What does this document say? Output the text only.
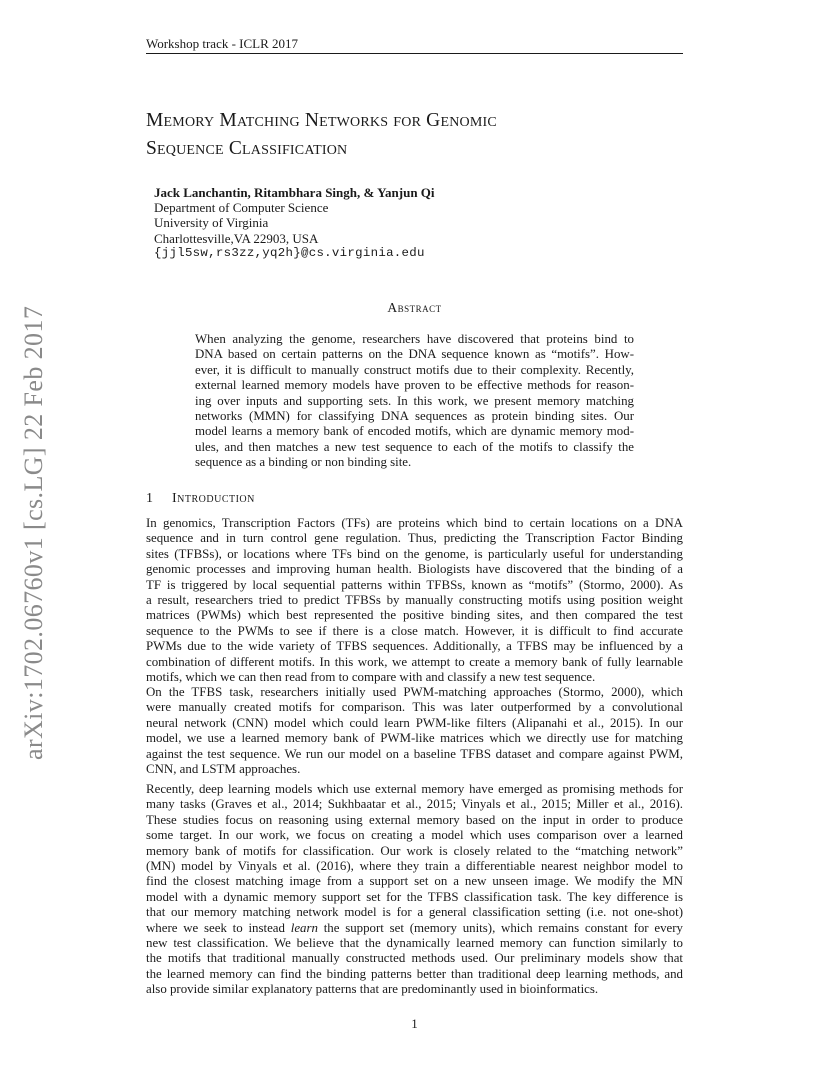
Workshop track - ICLR 2017
arXiv:1702.06760v1 [cs.LG] 22 Feb 2017
Memory Matching Networks for Genomic
Sequence Classification
Jack Lanchantin, Ritambhara Singh, & Yanjun Qi
Department of Computer Science
University of Virginia
Charlottesville,VA 22903, USA
{jjl5sw,rs3zz,yq2h}@cs.virginia.edu
Abstract
When analyzing the genome, researchers have discovered that proteins bind to
DNA based on certain patterns on the DNA sequence known as “motifs”. How-
ever, it is difficult to manually construct motifs due to their complexity. Recently,
external learned memory models have proven to be effective methods for reason-
ing over inputs and supporting sets. In this work, we present memory matching
networks (MMN) for classifying DNA sequences as protein binding sites. Our
model learns a memory bank of encoded motifs, which are dynamic memory mod-
ules, and then matches a new test sequence to each of the motifs to classify the
sequence as a binding or non binding site.
1 Introduction
In genomics, Transcription Factors (TFs) are proteins which bind to certain locations on a DNA
sequence and in turn control gene regulation. Thus, predicting the Transcription Factor Binding
sites (TFBSs), or locations where TFs bind on the genome, is particularly useful for understanding
genomic processes and improving human health. Biologists have discovered that the binding of a
TF is triggered by local sequential patterns within TFBSs, known as “motifs” (Stormo, 2000). As
a result, researchers tried to predict TFBSs by manually constructing motifs using position weight
matrices (PWMs) which best represented the positive binding sites, and then compared the test
sequence to the PWMs to see if there is a close match. However, it is difficult to find accurate
PWMs due to the wide variety of TFBS sequences. Additionally, a TFBS may be influenced by a
combination of different motifs. In this work, we attempt to create a memory bank of fully learnable
motifs, which we can then read from to compare with and classify a new test sequence.
On the TFBS task, researchers initially used PWM-matching approaches (Stormo, 2000), which
were manually created motifs for comparison. This was later outperformed by a convolutional
neural network (CNN) model which could learn PWM-like filters (Alipanahi et al., 2015). In our
model, we use a learned memory bank of PWM-like matrices which we directly use for matching
against the test sequence. We run our model on a baseline TFBS dataset and compare against PWM,
CNN, and LSTM approaches.
Recently, deep learning models which use external memory have emerged as promising methods for
many tasks (Graves et al., 2014; Sukhbaatar et al., 2015; Vinyals et al., 2015; Miller et al., 2016).
These studies focus on reasoning using external memory based on the input in order to produce
some target. In our work, we focus on creating a model which uses comparison over a learned
memory bank of motifs for classification. Our work is closely related to the “matching network”
(MN) model by Vinyals et al. (2016), where they train a differentiable nearest neighbor model to
find the closest matching image from a support set on a new unseen image. We modify the MN
model with a dynamic memory support set for the TFBS classification task. The key difference is
that our memory matching network model is for a general classification setting (i.e. not one-shot)
where we seek to instead learn the support set (memory units), which remains constant for every
new test classification. We believe that the dynamically learned memory can function similarly to
the motifs that traditional manually constructed methods used. Our preliminary models show that
the learned memory can find the binding patterns better than traditional deep learning methods, and
also provide similar explanatory patterns that are predominantly used in bioinformatics.
1
